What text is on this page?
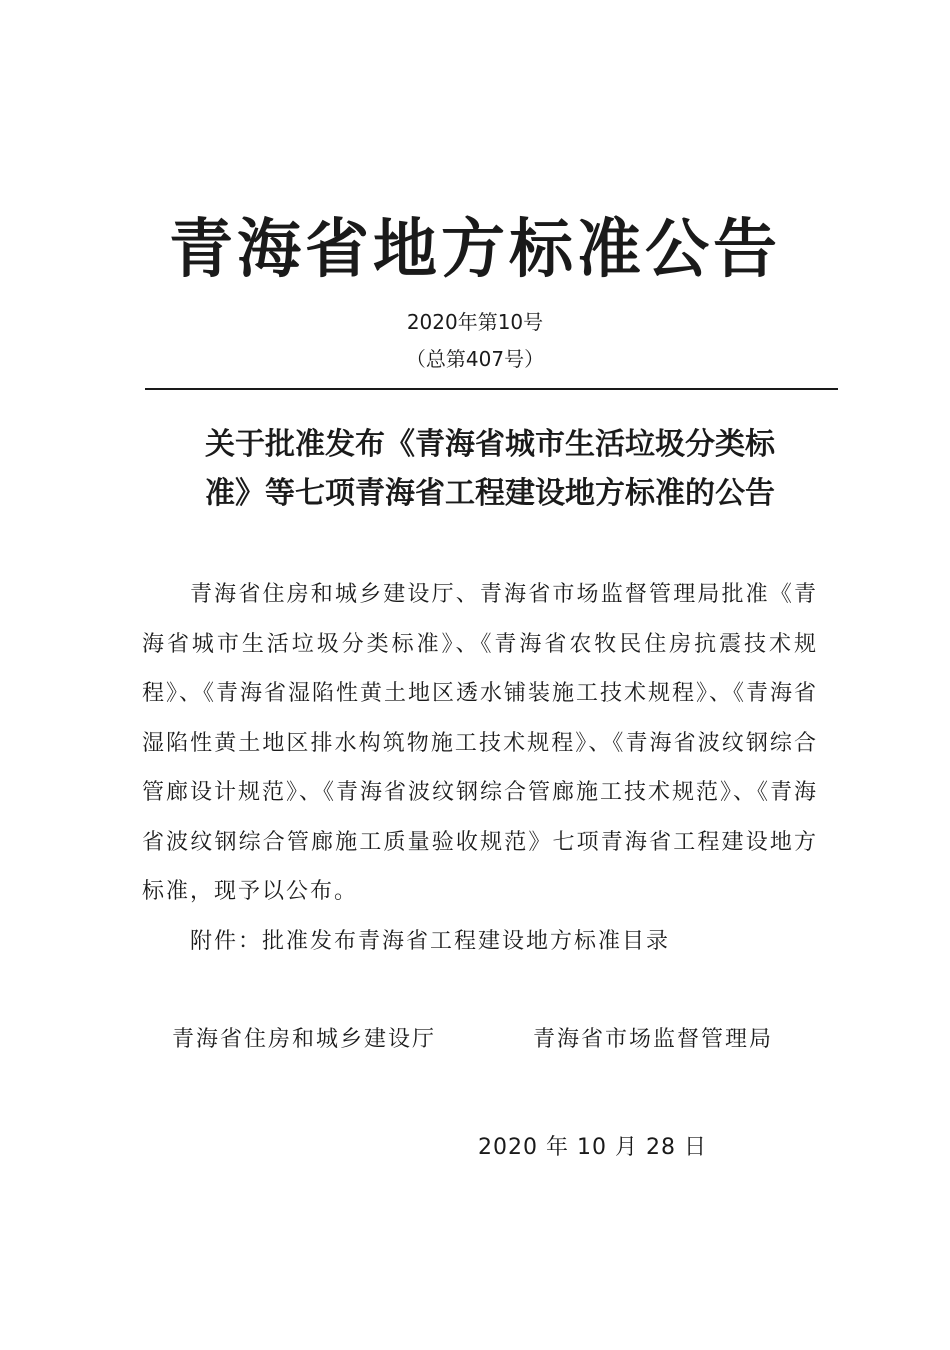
青海省地方标准公告
2020年第10号
（总第407号）
关于批准发布《青海省城市生活垃圾分类标
准》等七项青海省工程建设地方标准的公告

青海省住房和城乡建设厅、青海省市场监督管理局批准《青海省城市生活垃圾分类标准》、《青海省农牧民住房抗震技术规程》、《青海省湿陷性黄土地区透水铺装施工技术规程》、《青海省湿陷性黄土地区排水构筑物施工技术规程》、《青海省波纹钢综合管廊设计规范》、《青海省波纹钢综合管廊施工技术规范》、《青海省波纹钢综合管廊施工质量验收规范》七项青海省工程建设地方标准，现予以公布。

附件：批准发布青海省工程建设地方标准目录

青海省住房和城乡建设厅	青海省市场监督管理局
2020 年 10 月 28 日
